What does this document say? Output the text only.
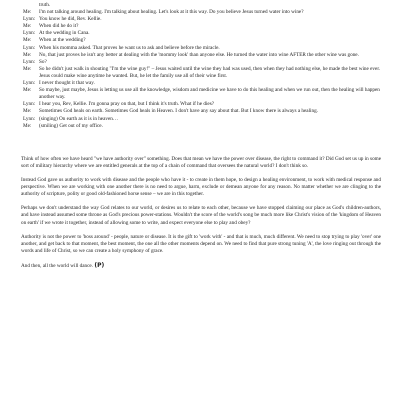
truth.
Me:	I'm not talking around healing. I'm talking about healing. Let's look at it this way. Do you believe Jesus turned water into wine?
Lynn: You know he did, Rev. Kellie.
Me:	When did he do it?
Lynn: At the wedding in Cana.
Me:	When at the wedding?
Lynn: When his momma asked. That proves he want us to ask and believe before the miracle.
Me:	No, that just proves he isn't any better at dealing with the 'mommy look' than anyone else. He turned the water into wine AFTER the other wine was gone.
Lynn: So?
Me:	So he didn't just walk in shouting "I'm the wine guy!" – Jesus waited until the wine they had was used, then when they had nothing else, he made the best wine ever. Jesus could make wine anytime he wanted. But, he let the family use all of their wine first.
Lynn: I never thought it that way.
Me:	So maybe, just maybe, Jesus is letting us use all the knowledge, wisdom and medicine we have to do this healing and when we run out, then the healing will happen another way.
Lynn: I hear you, Rev, Kellie. I'm gonna pray on that, but I think it's truth. What if he dies?
Me:	Sometimes God heals on earth. Sometimes God heals in Heaven. I don't have any say about that. But I know there is always a healing.
Lynn: (singing) On earth as it is in heaven…
Me:	(smiling) Get out of my office.

Think of how often we have heard "we have authority over" something. Does that mean we have the power over disease, the right to command it? Did God set us up in some sort of military hierarchy where we are entitled generals at the top of a chain of command that oversees the natural world? I don't think so.

Instead God gave us authority to work with disease and the people who have it - to create in them hope, to design a healing environment, to work with medical response and perspective. When we are working with one another there is no need to argue, harm, exclude or demean anyone for any reason. No matter whether we are clinging to the authority of scripture, polity or good old-fashioned horse sense – we are in this together.

Perhaps we don't understand the way God relates to our world, or desires us to relate to each other, because we have stopped claiming our place as God's children-authors, and have instead assumed some throne as God's precious power-stations. Wouldn't the score of the world's song be much more like Christ's vision of the 'kingdom of Heaven on earth' if we wrote it together, instead of allowing some to write, and expect everyone else to play and obey?

Authority is not the power to 'boss around' - people, nature or disease. It is the gift to 'work with' - and that is much, much different. We need to stop trying to play 'over' one another, and get back to that moment, the best moment, the one all the other moments depend on. We need to find that pure strong tuning 'A', the love ringing out through the words and life of Christ, so we can create a holy symphony of grace.

And then, all the world will dance. (P)
